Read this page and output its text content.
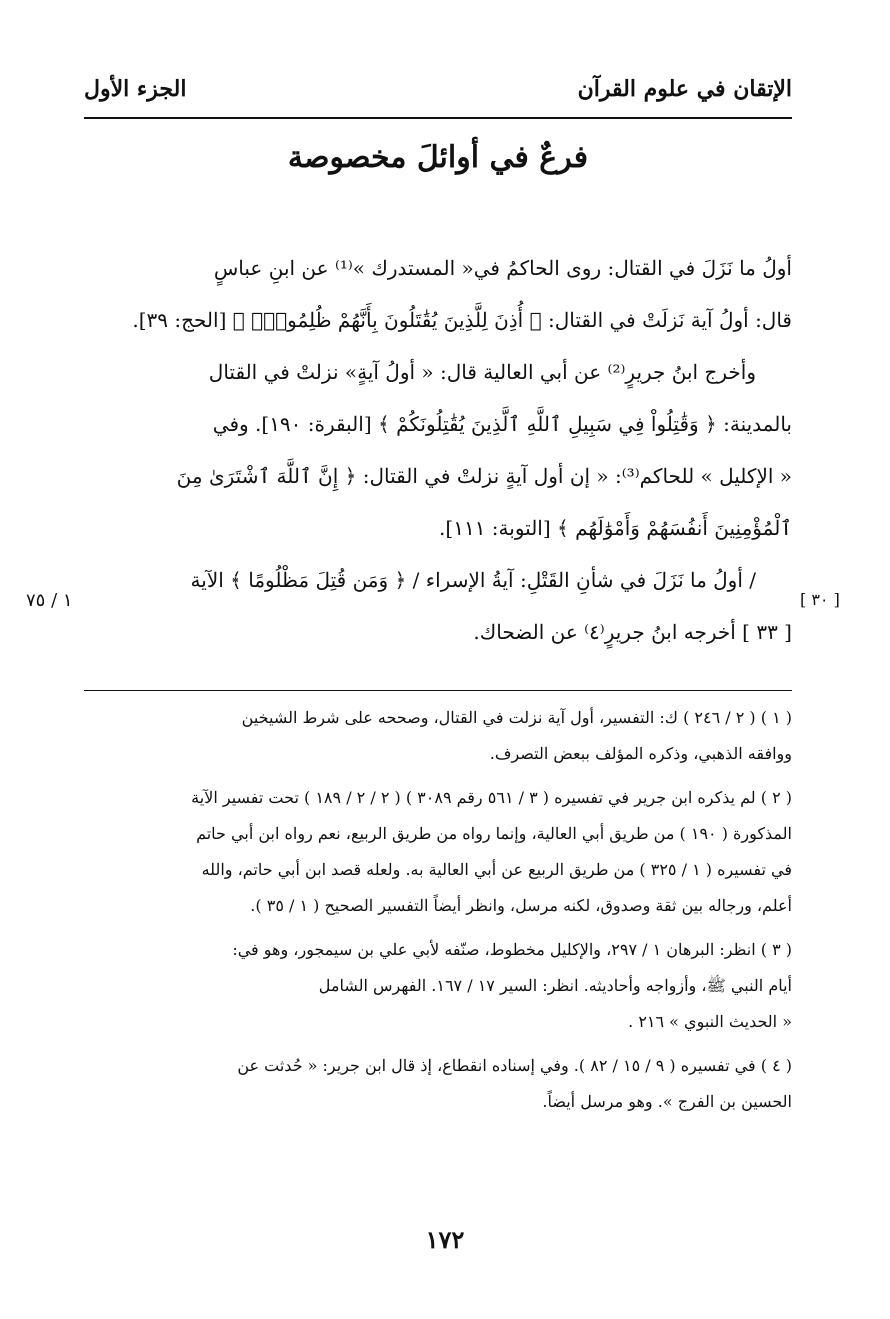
الإتقان في علوم القرآن
الجزء الأول
فرعٌ في أوائلَ مخصوصة
أولُ ما نَزَلَ في القتال: روى الحاكمُ في« المستدرك »⁽¹⁾ عن ابنِ عباسٍ
قال: أولُ آية نَزلَتْ في القتال: ﴿ أُذِنَ لِلَّذِينَ يُقَٰتَلُونَ بِأَنَّهُمْ ظُلِمُواْۚ ﴾ [الحج: ٣٩].
وأخرج ابنُ جريرٍ⁽²⁾ عن أبي العالية قال: « أولُ آيةٍ» نزلتْ في القتال
بالمدينة: ﴿ وَقَٰتِلُواْ فِي سَبِيلِ ٱللَّهِ ٱلَّذِينَ يُقَٰتِلُونَكُمْ ﴾ [البقرة: ١٩٠]. وفي
« الإكليل » للحاكم⁽³⁾: « إن أول آيةٍ نزلتْ في القتال: ﴿ إِنَّ ٱللَّهَ ٱشْتَرَىٰ مِنَ
ٱلْمُؤْمِنِينَ أَنفُسَهُمْ وَأَمْوَٰلَهُم ﴾ [التوبة: ١١١].
/ أولُ ما نَزَلَ في شأنِ القَتْلِ: آيةُ الإسراء / ﴿ وَمَن قُتِلَ مَظْلُومًا ﴾ الآية
[ ٣٣ ] أخرجه ابنُ جريرٍ⁽٤⁾ عن الضحاك.
[ ٣٠ ]
١ / ٧٥
( ١ ) ( ٢ / ٢٤٦ ) ك: التفسير، أول آية نزلت في القتال، وصححه على شرط الشيخين
ووافقه الذهبي، وذكره المؤلف ببعض التصرف.
( ٢ ) لم يذكره ابن جرير في تفسيره ( ٣ / ٥٦١ رقم ٣٠٨٩ ) ( ٢ / ٢ / ١٨٩ ) تحت تفسير الآية
المذكورة ( ١٩٠ ) من طريق أبي العالية، وإنما رواه من طريق الربيع، نعم رواه ابن أبي حاتم
في تفسيره ( ١ / ٣٢٥ ) من طريق الربيع عن أبي العالية به. ولعله قصد ابن أبي حاتم، والله
أعلم، ورجاله بين ثقة وصدوق، لكنه مرسل، وانظر أيضاً التفسير الصحيح ( ١ / ٣٥ ).
( ٣ ) انظر: البرهان ١ / ٢٩٧، والإكليل مخطوط، صنّفه لأبي علي بن سيمجور، وهو في:
أيام النبي ﷺ، وأزواجه وأحاديثه. انظر: السير ١٧ / ١٦٧. الفهرس الشامل
« الحديث النبوي » ٢١٦ .
( ٤ ) في تفسيره ( ٩ / ١٥ / ٨٢ ). وفي إسناده انقطاع، إذ قال ابن جرير: « حُدثت عن
الحسين بن الفرج ». وهو مرسل أيضاً.
١٧٢
